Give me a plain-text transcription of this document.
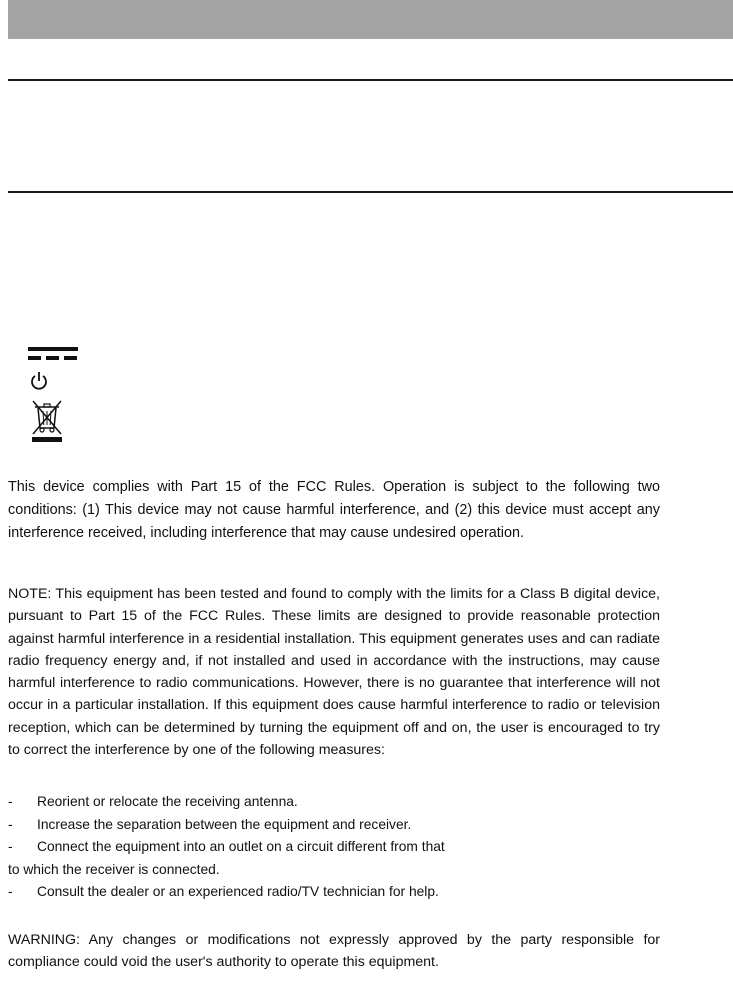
This device complies with Part 15 of the FCC Rules. Operation is subject to the following two conditions: (1) This device may not cause harmful interference, and (2) this device must accept any interference received, including interference that may cause undesired operation.

NOTE: This equipment has been tested and found to comply with the limits for a Class B digital device, pursuant to Part 15 of the FCC Rules. These limits are designed to provide reasonable protection against harmful interference in a residential installation. This equipment generates uses and can radiate radio frequency energy and, if not installed and used in accordance with the instructions, may cause harmful interference to radio communications. However, there is no guarantee that interference will not occur in a particular installation. If this equipment does cause harmful interference to radio or television reception, which can be determined by turning the equipment off and on, the user is encouraged to try to correct the interference by one of the following measures:

- Reorient or relocate the receiving antenna.
- Increase the separation between the equipment and receiver.
- Connect the equipment into an outlet on a circuit different from that
to which the receiver is connected.
- Consult the dealer or an experienced radio/TV technician for help.

WARNING: Any changes or modifications not expressly approved by the party responsible for compliance could void the user's authority to operate this equipment.
